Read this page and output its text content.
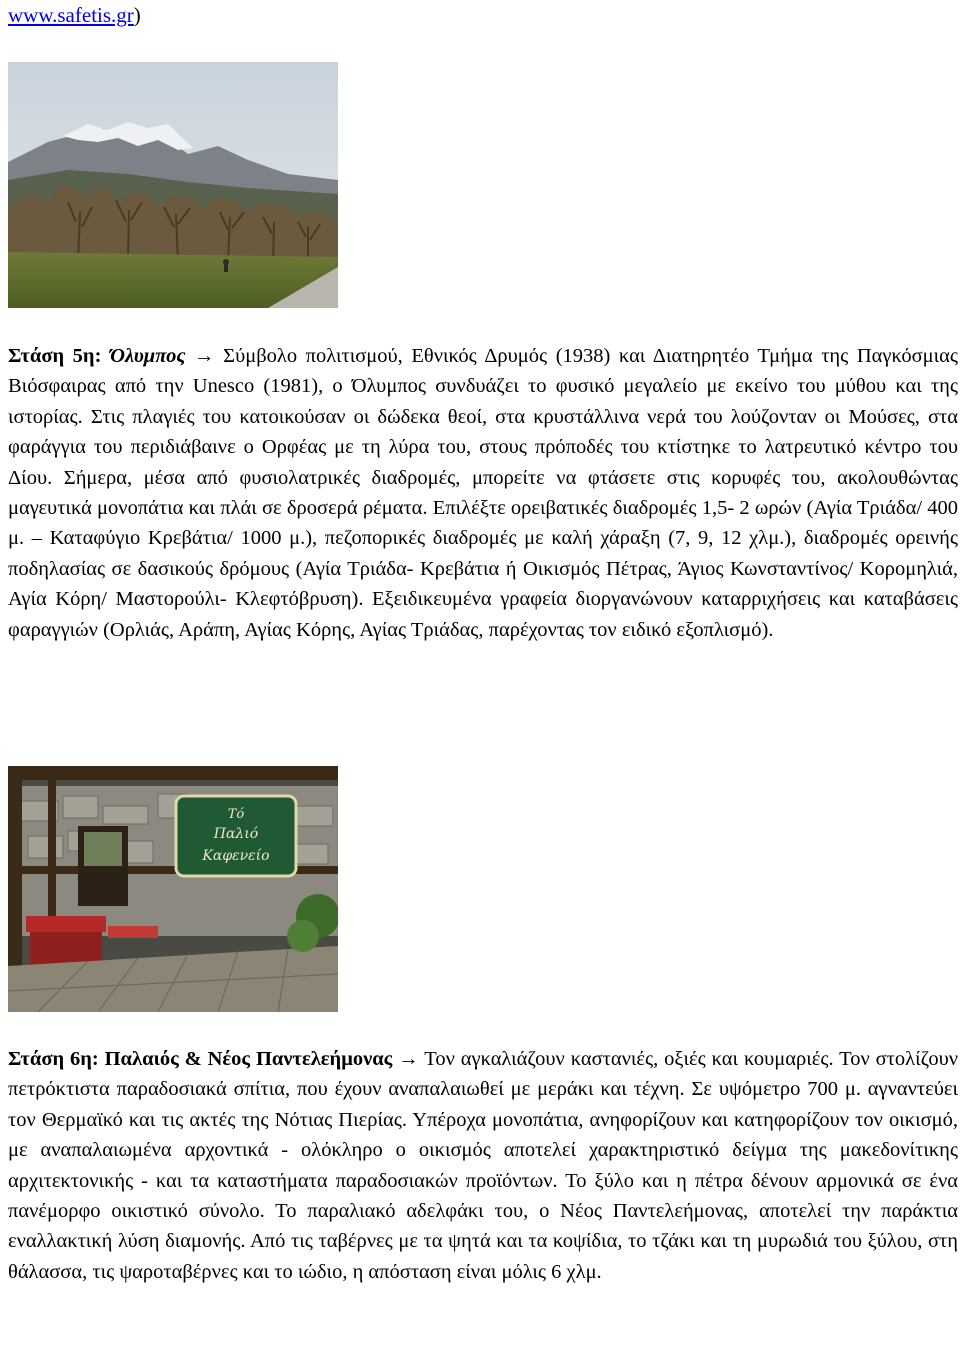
www.safetis.gr)

Στάση 5η: Όλυμπος → Σύμβολο πολιτισμού, Εθνικός Δρυμός (1938) και Διατηρητέο Τμήμα της Παγκόσμιας Βιόσφαιρας από την Unesco (1981), ο Όλυμπος συνδυάζει το φυσικό μεγαλείο με εκείνο του μύθου και της ιστορίας. Στις πλαγιές του κατοικούσαν οι δώδεκα θεοί, στα κρυστάλλινα νερά του λούζονταν οι Μούσες, στα φαράγγια του περιδιάβαινε ο Ορφέας με τη λύρα του, στους πρόποδές του κτίστηκε το λατρευτικό κέντρο του Δίου. Σήμερα, μέσα από φυσιολατρικές διαδρομές, μπορείτε να φτάσετε στις κορυφές του, ακολουθώντας μαγευτικά μονοπάτια και πλάι σε δροσερά ρέματα. Επιλέξτε ορειβατικές διαδρομές 1,5- 2 ωρών (Αγία Τριάδα/ 400 μ. – Καταφύγιο Κρεβάτια/ 1000 μ.), πεζοπορικές διαδρομές με καλή χάραξη (7, 9, 12 χλμ.), διαδρομές ορεινής ποδηλασίας σε δασικούς δρόμους (Αγία Τριάδα- Κρεβάτια ή Οικισμός Πέτρας, Άγιος Κωνσταντίνος/ Κορομηλιά, Αγία Κόρη/ Μαστορούλι- Κλεφτόβρυση). Εξειδικευμένα γραφεία διοργανώνουν καταρριχήσεις και καταβάσεις φαραγγιών (Ορλιάς, Αράπη, Αγίας Κόρης, Αγίας Τριάδας, παρέχοντας τον ειδικό εξοπλισμό).

Τό
Παλιό
Καφενείο

Στάση 6η: Παλαιός & Νέος Παντελεήμονας → Τον αγκαλιάζουν καστανιές, οξιές και κουμαριές. Τον στολίζουν πετρόκτιστα παραδοσιακά σπίτια, που έχουν αναπαλαιωθεί με μεράκι και τέχνη. Σε υψόμετρο 700 μ. αγναντεύει τον Θερμαϊκό και τις ακτές της Νότιας Πιερίας. Υπέροχα μονοπάτια, ανηφορίζουν και κατηφορίζουν τον οικισμό, με αναπαλαιωμένα αρχοντικά - ολόκληρο ο οικισμός αποτελεί χαρακτηριστικό δείγμα της μακεδονίτικης αρχιτεκτονικής - και τα καταστήματα παραδοσιακών προϊόντων. Το ξύλο και η πέτρα δένουν αρμονικά σε ένα πανέμορφο οικιστικό σύνολο. Το παραλιακό αδελφάκι του, ο Νέος Παντελεήμονας, αποτελεί την παράκτια εναλλακτική λύση διαμονής. Από τις ταβέρνες με τα ψητά και τα κοψίδια, το τζάκι και τη μυρωδιά του ξύλου, στη θάλασσα, τις ψαροταβέρνες και το ιώδιο, η απόσταση είναι μόλις 6 χλμ.
